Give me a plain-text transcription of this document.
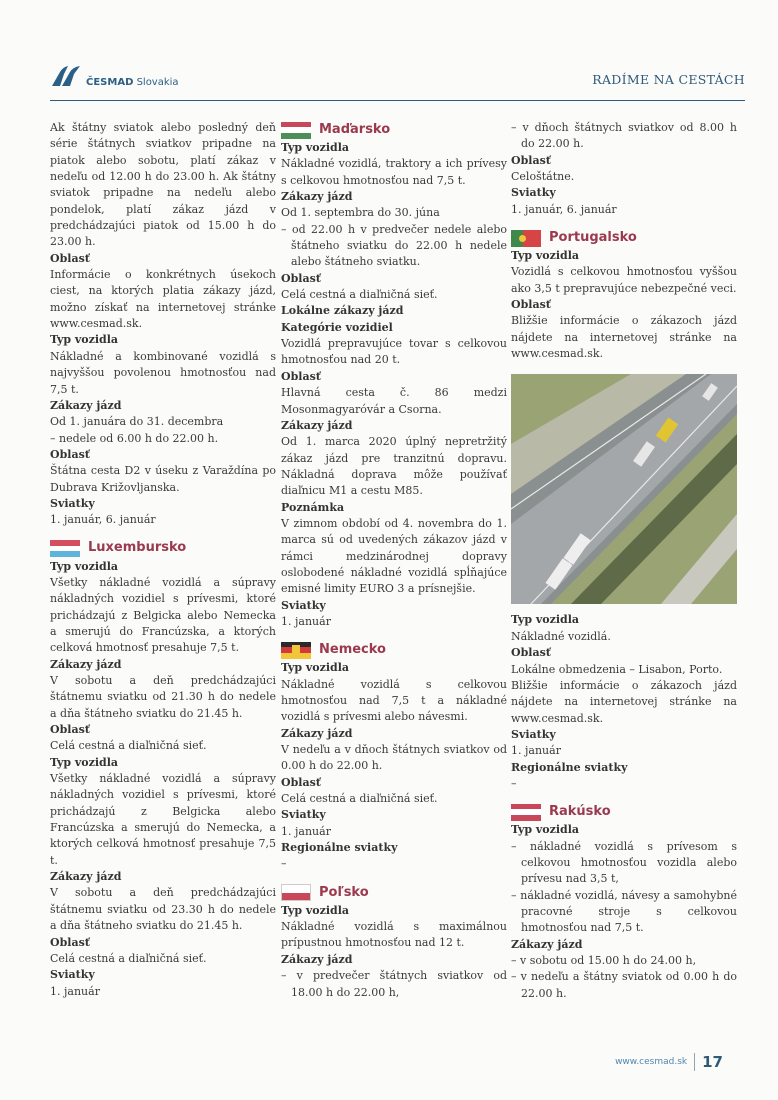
ČESMAD Slovakia	RADÍME NA CESTÁCH

Ak štátny sviatok alebo posledný deň série štátnych sviatkov pripadne na piatok alebo sobotu, platí zákaz v nedeľu od 12.00 h do 23.00 h. Ak štátny sviatok pripadne na nedeľu alebo pondelok, platí zákaz jázd v predchádzajúci piatok od 15.00 h do 23.00 h.

Oblasť

Informácie o konkrétnych úsekoch ciest, na ktorých platia zákazy jázd, možno získať na internetovej stránke www.cesmad.sk.

Typ vozidla

Nákladné a kombinované vozidlá s najvyššou povolenou hmotnosťou nad 7,5 t.

Zákazy jázd

Od 1. januára do 31. decembra

– nedele od 6.00 h do 22.00 h.

Oblasť

Štátna cesta D2 v úseku z Varaždína po Dubrava Križovljanska.

Sviatky

1. január, 6. január

Luxembursko

Typ vozidla

Všetky nákladné vozidlá a súpravy nákladných vozidiel s prívesmi, ktoré prichádzajú z Belgicka alebo Nemecka a smerujú do Francúzska, a ktorých celková hmotnosť presahuje 7,5 t.

Zákazy jázd

V sobotu a deň predchádzajúci štátnemu sviatku od 21.30 h do nedele a dňa štátneho sviatku do 21.45 h.

Oblasť

Celá cestná a diaľničná sieť.

Typ vozidla

Všetky nákladné vozidlá a súpravy nákladných vozidiel s prívesmi, ktoré prichádzajú z Belgicka alebo Francúzska a smerujú do Nemecka, a ktorých celková hmotnosť presahuje 7,5 t.

Zákazy jázd

V sobotu a deň predchádzajúci štátnemu sviatku od 23.30 h do nedele a dňa štátneho sviatku do 21.45 h.

Oblasť

Celá cestná a diaľničná sieť.

Sviatky

1. január

Maďarsko

Typ vozidla

Nákladné vozidlá, traktory a ich prívesy s celkovou hmotnosťou nad 7,5 t.

Zákazy jázd

Od 1. septembra do 30. júna

– od 22.00 h v predvečer nedele alebo štátneho sviatku do 22.00 h nedele alebo štátneho sviatku.

Oblasť

Celá cestná a diaľničná sieť.

Lokálne zákazy jázd

Kategórie vozidiel

Vozidlá prepravujúce tovar s celkovou hmotnosťou nad 20 t.

Oblasť

Hlavná cesta č. 86 medzi Mosonmagyaróvár a Csorna.

Zákazy jázd

Od 1. marca 2020 úplný nepretržitý zákaz jázd pre tranzitnú dopravu. Nákladná doprava môže používať diaľnicu M1 a cestu M85.

Poznámka

V zimnom období od 4. novembra do 1. marca sú od uvedených zákazov jázd v rámci medzinárodnej dopravy oslobodené nákladné vozidlá spĺňajúce emisné limity EURO 3 a prísnejšie.

Sviatky

1. január

Nemecko

Typ vozidla

Nákladné vozidlá s celkovou hmotnosťou nad 7,5 t a nákladné vozidlá s prívesmi alebo návesmi.

Zákazy jázd

V nedeľu a v dňoch štátnych sviatkov od 0.00 h do 22.00 h.

Oblasť

Celá cestná a diaľničná sieť.

Sviatky

1. január

Regionálne sviatky

–

Poľsko

Typ vozidla

Nákladné vozidlá s maximálnou prípustnou hmotnosťou nad 12 t.

Zákazy jázd

– v predvečer štátnych sviatkov od 18.00 h do 22.00 h,

– v dňoch štátnych sviatkov od 8.00 h do 22.00 h.

Oblasť

Celoštátne.

Sviatky

1. január, 6. január

Portugalsko

Typ vozidla

Vozidlá s celkovou hmotnosťou vyššou ako 3,5 t prepravujúce nebezpečné veci.

Oblasť

Bližšie informácie o zákazoch jázd nájdete na internetovej stránke na www.cesmad.sk.

Typ vozidla

Nákladné vozidlá.

Oblasť

Lokálne obmedzenia – Lisabon, Porto.

Bližšie informácie o zákazoch jázd nájdete na internetovej stránke na www.cesmad.sk.

Sviatky

1. január

Regionálne sviatky

–

Rakúsko

Typ vozidla

– nákladné vozidlá s prívesom s celkovou hmotnosťou vozidla alebo prívesu nad 3,5 t,

– nákladné vozidlá, návesy a samohybné pracovné stroje s celkovou hmotnosťou nad 7,5 t.

Zákazy jázd

– v sobotu od 15.00 h do 24.00 h,

– v nedeľu a štátny sviatok od 0.00 h do 22.00 h.

www.cesmad.sk 17
